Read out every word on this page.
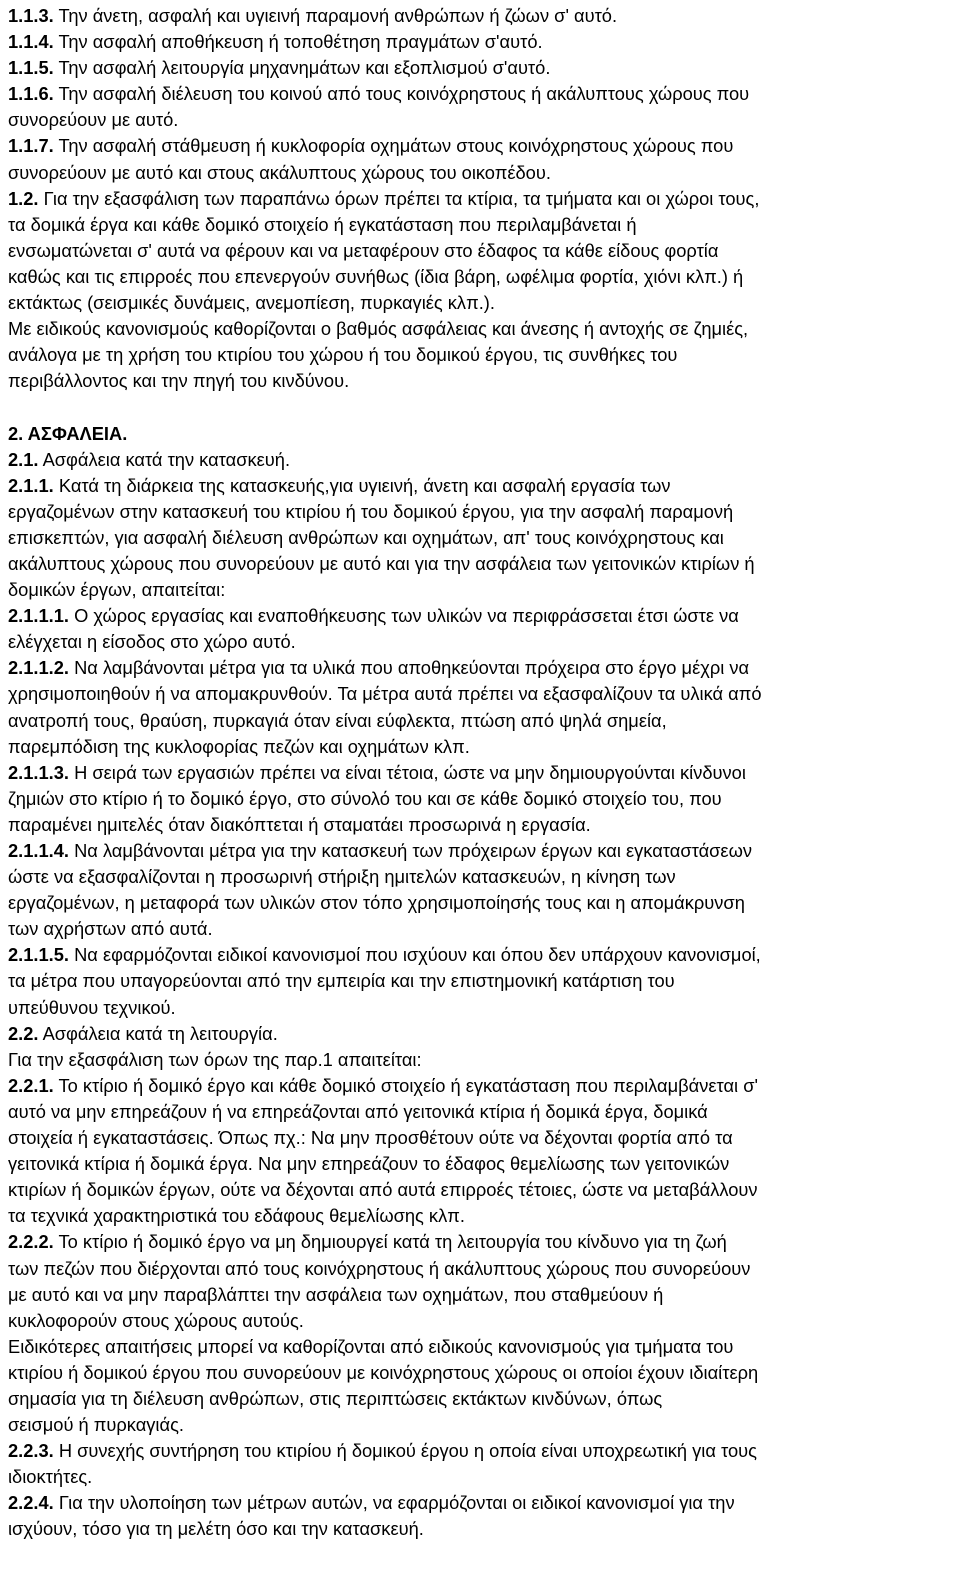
1.1.3. Την άνετη, ασφαλή και υγιεινή παραμονή ανθρώπων ή ζώων σ' αυτό.

1.1.4. Την ασφαλή αποθήκευση ή τοποθέτηση πραγμάτων σ'αυτό.

1.1.5. Την ασφαλή λειτουργία μηχανημάτων και εξοπλισμού σ'αυτό.

1.1.6. Την ασφαλή διέλευση του κοινού από τους κοινόχρηστους ή ακάλυπτους χώρους που

συνορεύουν με αυτό.

1.1.7. Την ασφαλή στάθμευση ή κυκλοφορία οχημάτων στους κοινόχρηστους χώρους που

συνορεύουν με αυτό και στους ακάλυπτους χώρους του οικοπέδου.

1.2. Για την εξασφάλιση των παραπάνω όρων πρέπει τα κτίρια, τα τμήματα και οι χώροι τους,

τα δομικά έργα και κάθε δομικό στοιχείο ή εγκατάσταση που περιλαμβάνεται ή

ενσωματώνεται σ' αυτά να φέρουν και να μεταφέρουν στο έδαφος τα κάθε είδους φορτία

καθώς και τις επιρροές που επενεργούν συνήθως (ίδια βάρη, ωφέλιμα φορτία, χιόνι κλπ.) ή

εκτάκτως (σεισμικές δυνάμεις, ανεμοπίεση, πυρκαγιές κλπ.).

Με ειδικούς κανονισμούς καθορίζονται ο βαθμός ασφάλειας και άνεσης ή αντοχής σε ζημιές,

ανάλογα με τη χρήση του κτιρίου του χώρου ή του δομικού έργου, τις συνθήκες του

περιβάλλοντος και την πηγή του κινδύνου.

2. ΑΣΦΑΛΕΙΑ.

2.1. Ασφάλεια κατά την κατασκευή.

2.1.1. Κατά τη διάρκεια της κατασκευής,για υγιεινή, άνετη και ασφαλή εργασία των

εργαζομένων στην κατασκευή του κτιρίου ή του δομικού έργου, για την ασφαλή παραμονή

επισκεπτών, για ασφαλή διέλευση ανθρώπων και οχημάτων, απ' τους κοινόχρηστους και

ακάλυπτους χώρους που συνορεύουν με αυτό και για την ασφάλεια των γειτονικών κτιρίων ή

δομικών έργων, απαιτείται:

2.1.1.1. Ο χώρος εργασίας και εναποθήκευσης των υλικών να περιφράσσεται έτσι ώστε να

ελέγχεται η είσοδος στο χώρο αυτό.

2.1.1.2. Να λαμβάνονται μέτρα για τα υλικά που αποθηκεύονται πρόχειρα στο έργο μέχρι να

χρησιμοποιηθούν ή να απομακρυνθούν. Τα μέτρα αυτά πρέπει να εξασφαλίζουν τα υλικά από

ανατροπή τους, θραύση, πυρκαγιά όταν είναι εύφλεκτα, πτώση από ψηλά σημεία,

παρεμπόδιση της κυκλοφορίας πεζών και οχημάτων κλπ.

2.1.1.3. Η σειρά των εργασιών πρέπει να είναι τέτοια, ώστε να μην δημιουργούνται κίνδυνοι

ζημιών στο κτίριο ή το δομικό έργο, στο σύνολό του και σε κάθε δομικό στοιχείο του, που

παραμένει ημιτελές όταν διακόπτεται ή σταματάει προσωρινά η εργασία.

2.1.1.4. Να λαμβάνονται μέτρα για την κατασκευή των πρόχειρων έργων και εγκαταστάσεων

ώστε να εξασφαλίζονται η προσωρινή στήριξη ημιτελών κατασκευών, η κίνηση των

εργαζομένων, η μεταφορά των υλικών στον τόπο χρησιμοποίησής τους και η απομάκρυνση

των αχρήστων από αυτά.

2.1.1.5. Να εφαρμόζονται ειδικοί κανονισμοί που ισχύουν και όπου δεν υπάρχουν κανονισμοί,

τα μέτρα που υπαγορεύονται από την εμπειρία και την επιστημονική κατάρτιση του

υπεύθυνου τεχνικού.

2.2. Ασφάλεια κατά τη λειτουργία.

Για την εξασφάλιση των όρων της παρ.1 απαιτείται:

2.2.1. Το κτίριο ή δομικό έργο και κάθε δομικό στοιχείο ή εγκατάσταση που περιλαμβάνεται σ'

αυτό να μην επηρεάζουν ή να επηρεάζονται από γειτονικά κτίρια ή δομικά έργα, δομικά

στοιχεία ή εγκαταστάσεις. Όπως πχ.: Να μην προσθέτουν ούτε να δέχονται φορτία από τα

γειτονικά κτίρια ή δομικά έργα. Να μην επηρεάζουν το έδαφος θεμελίωσης των γειτονικών

κτιρίων ή δομικών έργων, ούτε να δέχονται από αυτά επιρροές τέτοιες, ώστε να μεταβάλλουν

τα τεχνικά χαρακτηριστικά του εδάφους θεμελίωσης κλπ.

2.2.2. Το κτίριο ή δομικό έργο να μη δημιουργεί κατά τη λειτουργία του κίνδυνο για τη ζωή

των πεζών που διέρχονται από τους κοινόχρηστους ή ακάλυπτους χώρους που συνορεύουν

με αυτό και να μην παραβλάπτει την ασφάλεια των οχημάτων, που σταθμεύουν ή

κυκλοφορούν στους χώρους αυτούς.

Ειδικότερες απαιτήσεις μπορεί να καθορίζονται από ειδικούς κανονισμούς για τμήματα του

κτιρίου ή δομικού έργου που συνορεύουν με κοινόχρηστους χώρους οι οποίοι έχουν ιδιαίτερη

σημασία για τη διέλευση ανθρώπων, στις περιπτώσεις εκτάκτων κινδύνων, όπως

σεισμού ή πυρκαγιάς.

2.2.3. Η συνεχής συντήρηση του κτιρίου ή δομικού έργου η οποία είναι υποχρεωτική για τους

ιδιοκτήτες.

2.2.4. Για την υλοποίηση των μέτρων αυτών, να εφαρμόζονται οι ειδικοί κανονισμοί για την

ισχύουν, τόσο για τη μελέτη όσο και την κατασκευή.
